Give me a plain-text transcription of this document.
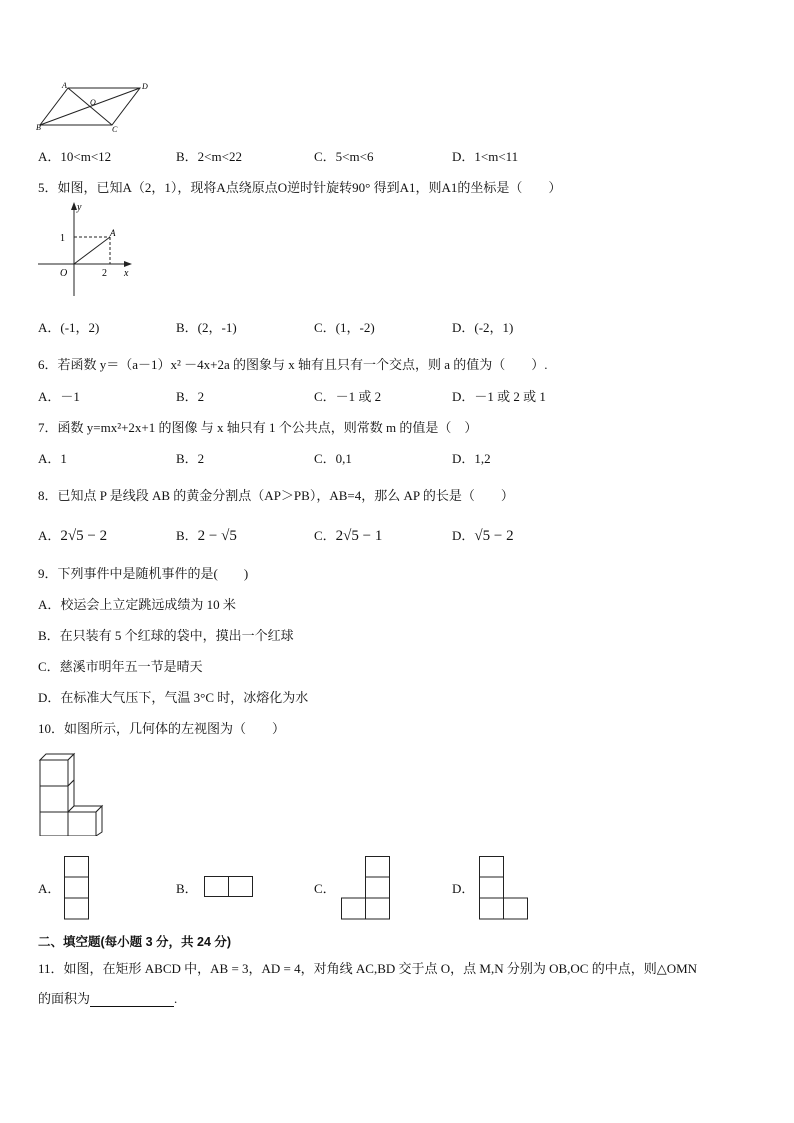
A	D
O
B	C
A．10<m<12	B．2<m<22	C．5<m<6	D．1<m<11
5．如图，已知A（2，1），现将A点绕原点O逆时针旋转90° 得到A1，则A1的坐标是（　　）
y
x
1
2
O
A
A．(-1，2)	B．(2，-1)	C．(1，-2)	D．(-2，1)
6．若函数 y＝（a－1）x² －4x+2a 的图象与 x 轴有且只有一个交点，则 a 的值为（　　）.
A．－1	B．2	C．－1 或 2	D．－1 或 2 或 1
7．函数 y=mx²+2x+1 的图像 与 x 轴只有 1 个公共点，则常数 m 的值是（　）
A．1	B．2	C．0,1	D．1,2
8．已知点 P 是线段 AB 的黄金分割点（AP＞PB），AB=4，那么 AP 的长是（　　）
A．2√5 − 2	B．2 − √5	C．2√5 − 1	D．√5 − 2
9．下列事件中是随机事件的是(　　)
A．校运会上立定跳远成绩为 10 米
B．在只装有 5 个红球的袋中，摸出一个红球
C．慈溪市明年五一节是晴天
D．在标准大气压下，气温 3°C 时，冰熔化为水
10．如图所示，几何体的左视图为（　　）
A．	B．	C．	D．
二、填空题(每小题 3 分，共 24 分)
11．如图，在矩形 ABCD 中，AB = 3，AD = 4，对角线 AC,BD 交于点 O，点 M,N 分别为 OB,OC 的中点，则△OMN
的面积为	.
